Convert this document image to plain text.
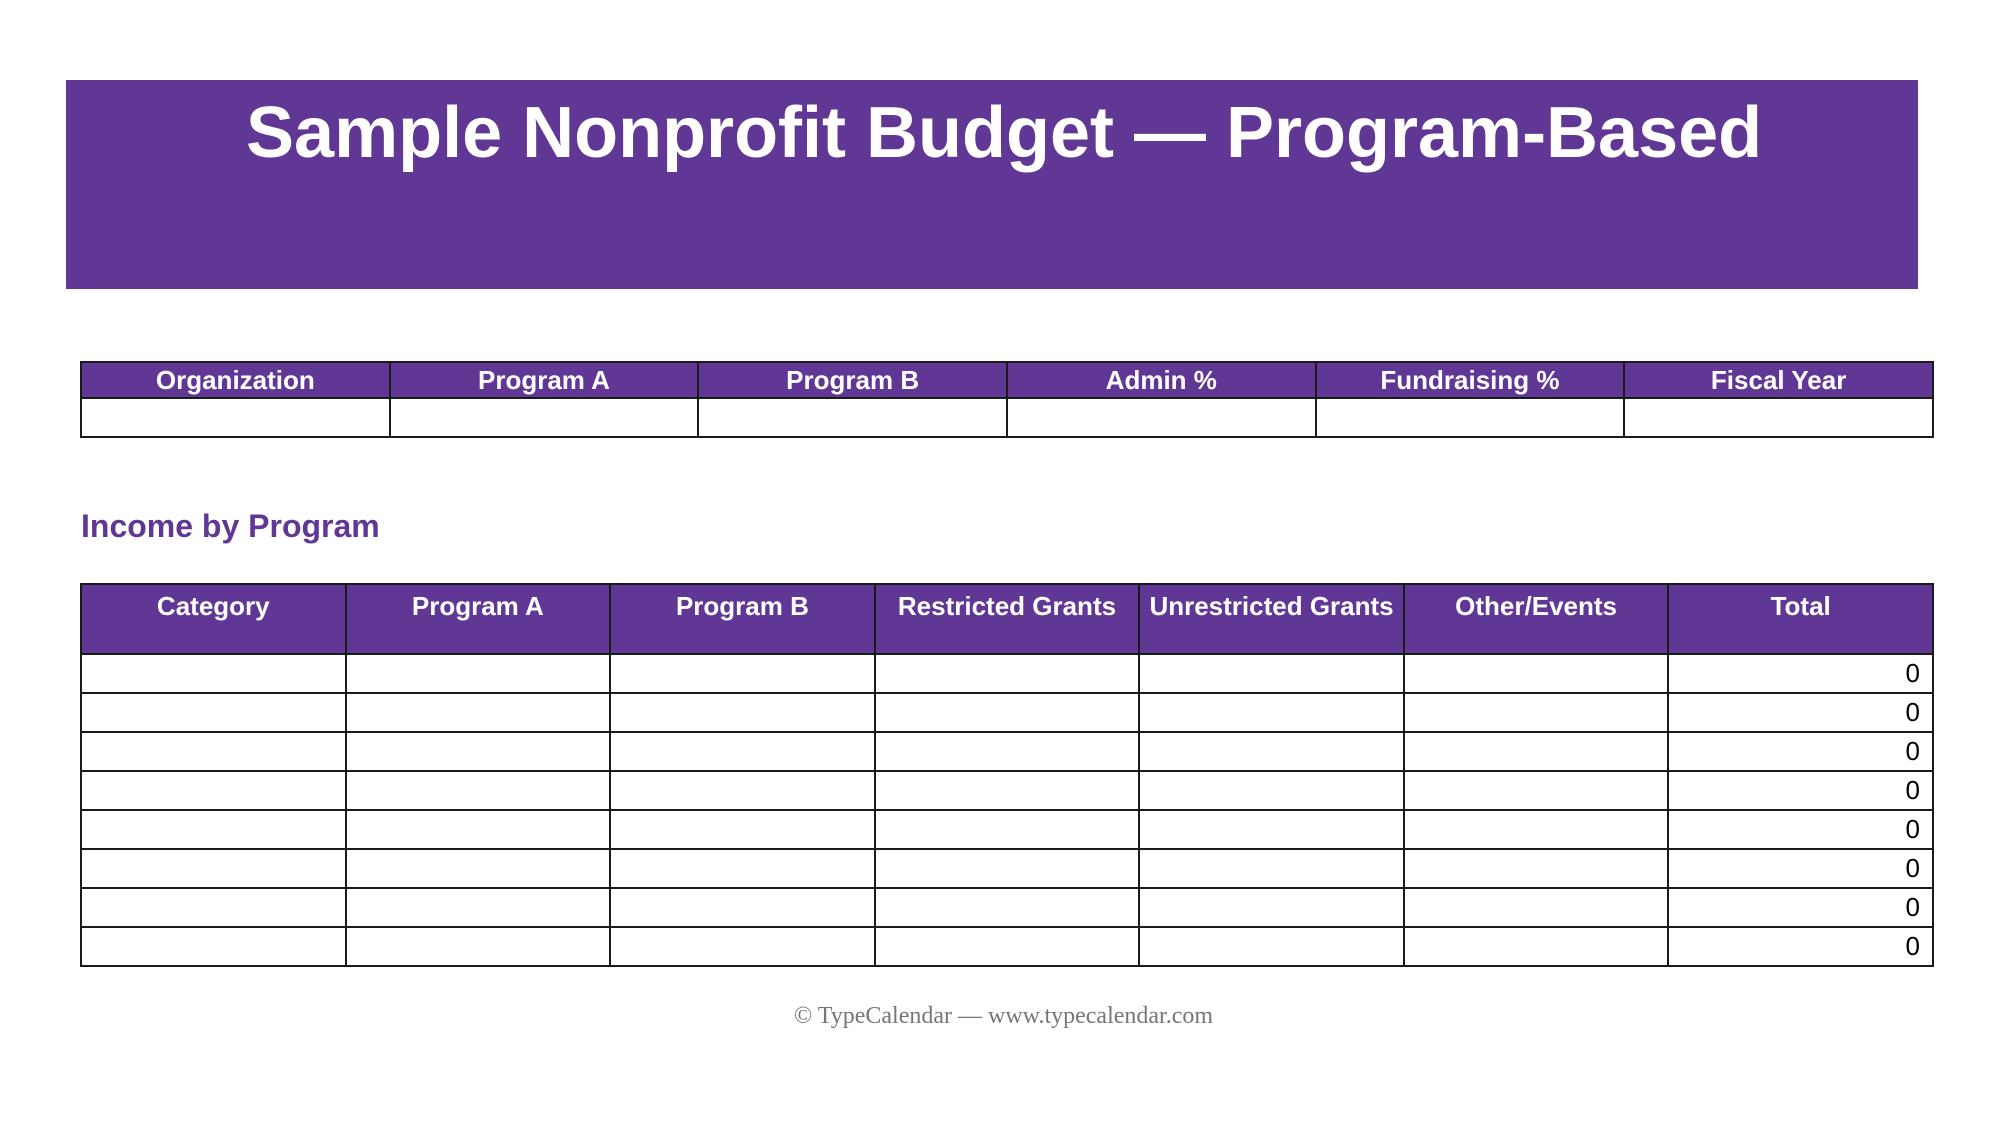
Sample Nonprofit Budget — Program-Based
Organization	Program A	Program B	Admin %	Fundraising %	Fiscal Year

Income by Program
Category	Program A	Program B	Restricted Grants	Unrestricted Grants	Other/Events	Total
						0
						0
						0
						0
						0
						0
						0
						0
© TypeCalendar — www.typecalendar.com
